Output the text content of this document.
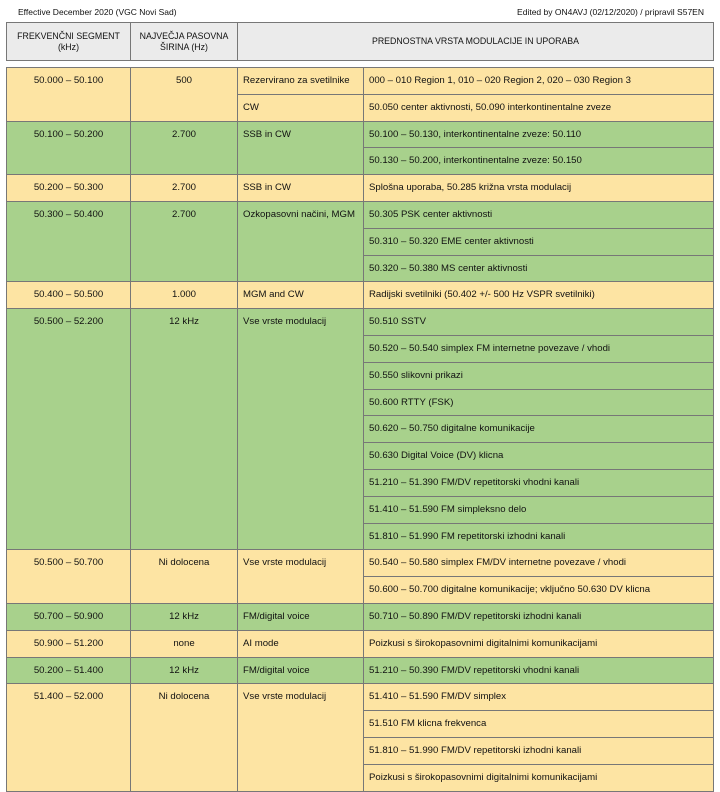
Effective December 2020 (VGC Novi Sad)	Edited by ON4AVJ (02/12/2020) / pripravil S57EN
FREKVENČNI SEGMENT (kHz)	NAJVEČJA PASOVNA ŠIRINA (Hz)	PREDNOSTNA VRSTA MODULACIJE IN UPORABA	

50.000 – 50.100	500	Rezervirano za svetilnike	000 – 010 Region 1, 010 – 020 Region 2, 020 – 030 Region 3
		CW	50.050 center aktivnosti, 50.090 interkontinentalne zveze
50.100 – 50.200	2.700	SSB in CW	50.100 – 50.130, interkontinentalne zveze: 50.110
			50.130 – 50.200, interkontinentalne zveze: 50.150
50.200 – 50.300	2.700	SSB in CW	Splošna uporaba, 50.285 križna vrsta modulacij
50.300 – 50.400	2.700	Ozkopasovni načini, MGM	50.305 PSK center aktivnosti
			50.310 – 50.320 EME center aktivnosti
			50.320 – 50.380 MS center aktivnosti
50.400 – 50.500	1.000	MGM and CW	Radijski svetilniki (50.402 +/- 500 Hz VSPR svetilniki)
50.500 – 52.200	12 kHz	Vse vrste modulacij	50.510 SSTV
			50.520 – 50.540 simplex FM internetne povezave / vhodi
			50.550 slikovni prikazi
			50.600 RTTY (FSK)
			50.620 – 50.750 digitalne komunikacije
			50.630 Digital Voice (DV) klicna
			51.210 – 51.390 FM/DV repetitorski vhodni kanali
			51.410 – 51.590 FM simpleksno delo
			51.810 – 51.990 FM repetitorski izhodni kanali
50.500 – 50.700	Ni dolocena	Vse vrste modulacij	50.540 – 50.580 simplex FM/DV internetne povezave / vhodi
			50.600 – 50.700 digitalne komunikacije; vključno 50.630 DV klicna
50.700 – 50.900	12 kHz	FM/digital voice	50.710 – 50.890 FM/DV repetitorski izhodni kanali
50.900 – 51.200	none	AI mode	Poizkusi s širokopasovnimi digitalnimi komunikacijami
50.200 – 51.400	12 kHz	FM/digital voice	51.210 – 50.390 FM/DV repetitorski vhodni kanali
51.400 – 52.000	Ni dolocena	Vse vrste modulacij	51.410 – 51.590 FM/DV simplex
			51.510 FM klicna frekvenca
			51.810 – 51.990 FM/DV repetitorski izhodni kanali
			Poizkusi s širokopasovnimi digitalnimi komunikacijami
